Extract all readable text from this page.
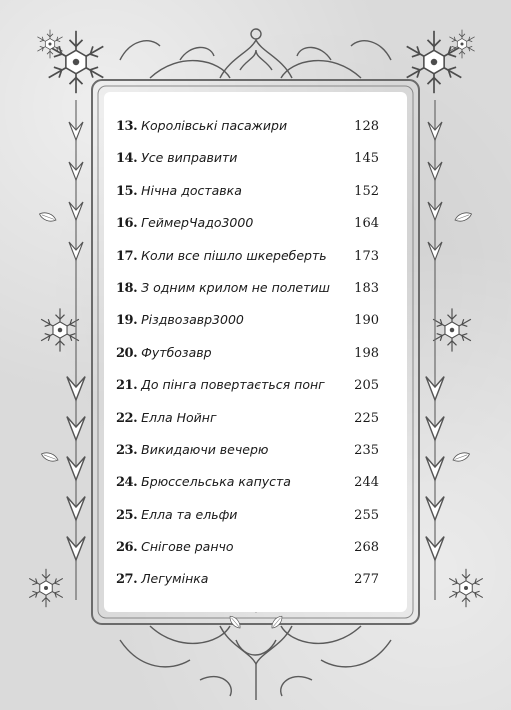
13. Королівські пасажири	128
14. Усе виправити	145
15. Нічна доставка	152
16. ГеймерЧадо3000	164
17. Коли все пішло шкереберть	173
18. З одним крилом не полетиш	183
19. Різдвозавр3000	190
20. Футбозавр	198
21. До пінга повертається понг	205
22. Елла Нойнг	225
23. Викидаючи вечерю	235
24. Брюссельська капуста	244
25. Елла та ельфи	255
26. Снігове ранчо	268
27. Легумінка	277
